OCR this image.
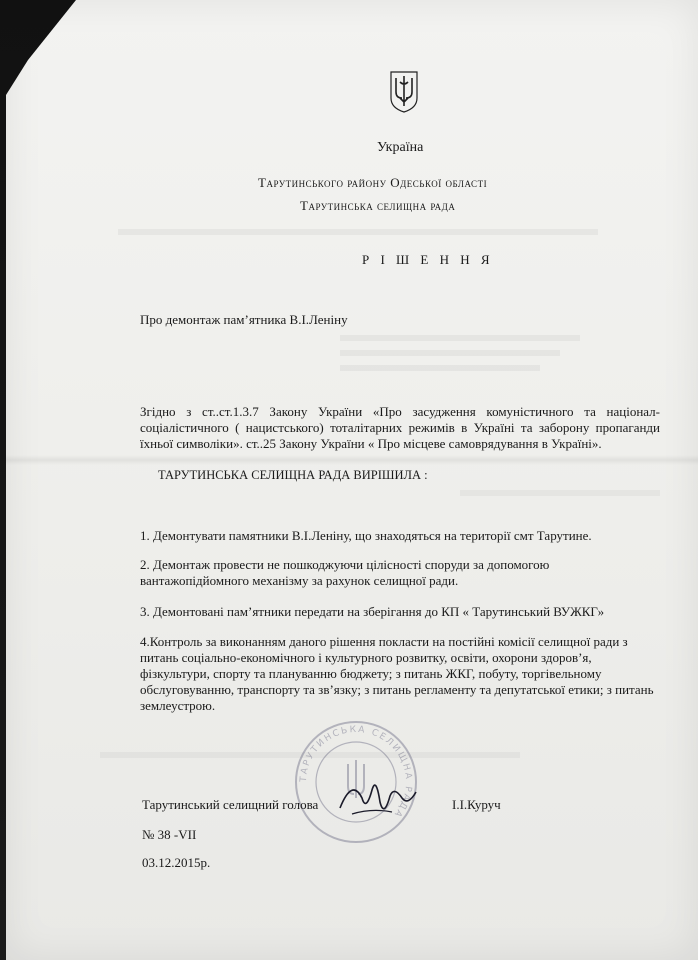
Україна
Тарутинського району Одеської області
Тарутинська селищна рада
Р І Ш Е Н Н Я
Про демонтаж пам’ятника В.І.Леніну
Згідно з ст..ст.1.3.7 Закону України «Про засудження комуністичного та націонал-соціалістичного ( нацистського) тоталітарних режимів в Україні та заборону пропаганди їхньої символіки». ст..25 Закону України « Про місцеве самоврядування в Україні».
ТАРУТИНСЬКА СЕЛИЩНА РАДА ВИРІШИЛА :
1. Демонтувати памятники В.І.Леніну, що знаходяться на території смт Тарутине.
2. Демонтаж провести не пошкоджуючи цілісності споруди за допомогою вантажопідйомного механізму за рахунок селищної ради.
3. Демонтовані пам’ятники передати на зберігання до КП « Тарутинський ВУЖКГ»
4.Контроль за виконанням даного рішення покласти на постійні комісії селищної ради з питань соціально-економічного і культурного розвитку, освіти, охорони здоров’я, фізкультури, спорту та плануванню бюджету; з питань ЖКГ, побуту, торгівельному обслуговуванню, транспорту та зв’язку; з питань регламенту та депутатської етики; з питань землеустрою.
ТАРУТИНСЬКА СЕЛИЩНА РАДА
Тарутинський селищний голова	І.І.Куруч
№ 38 -VII
03.12.2015р.
